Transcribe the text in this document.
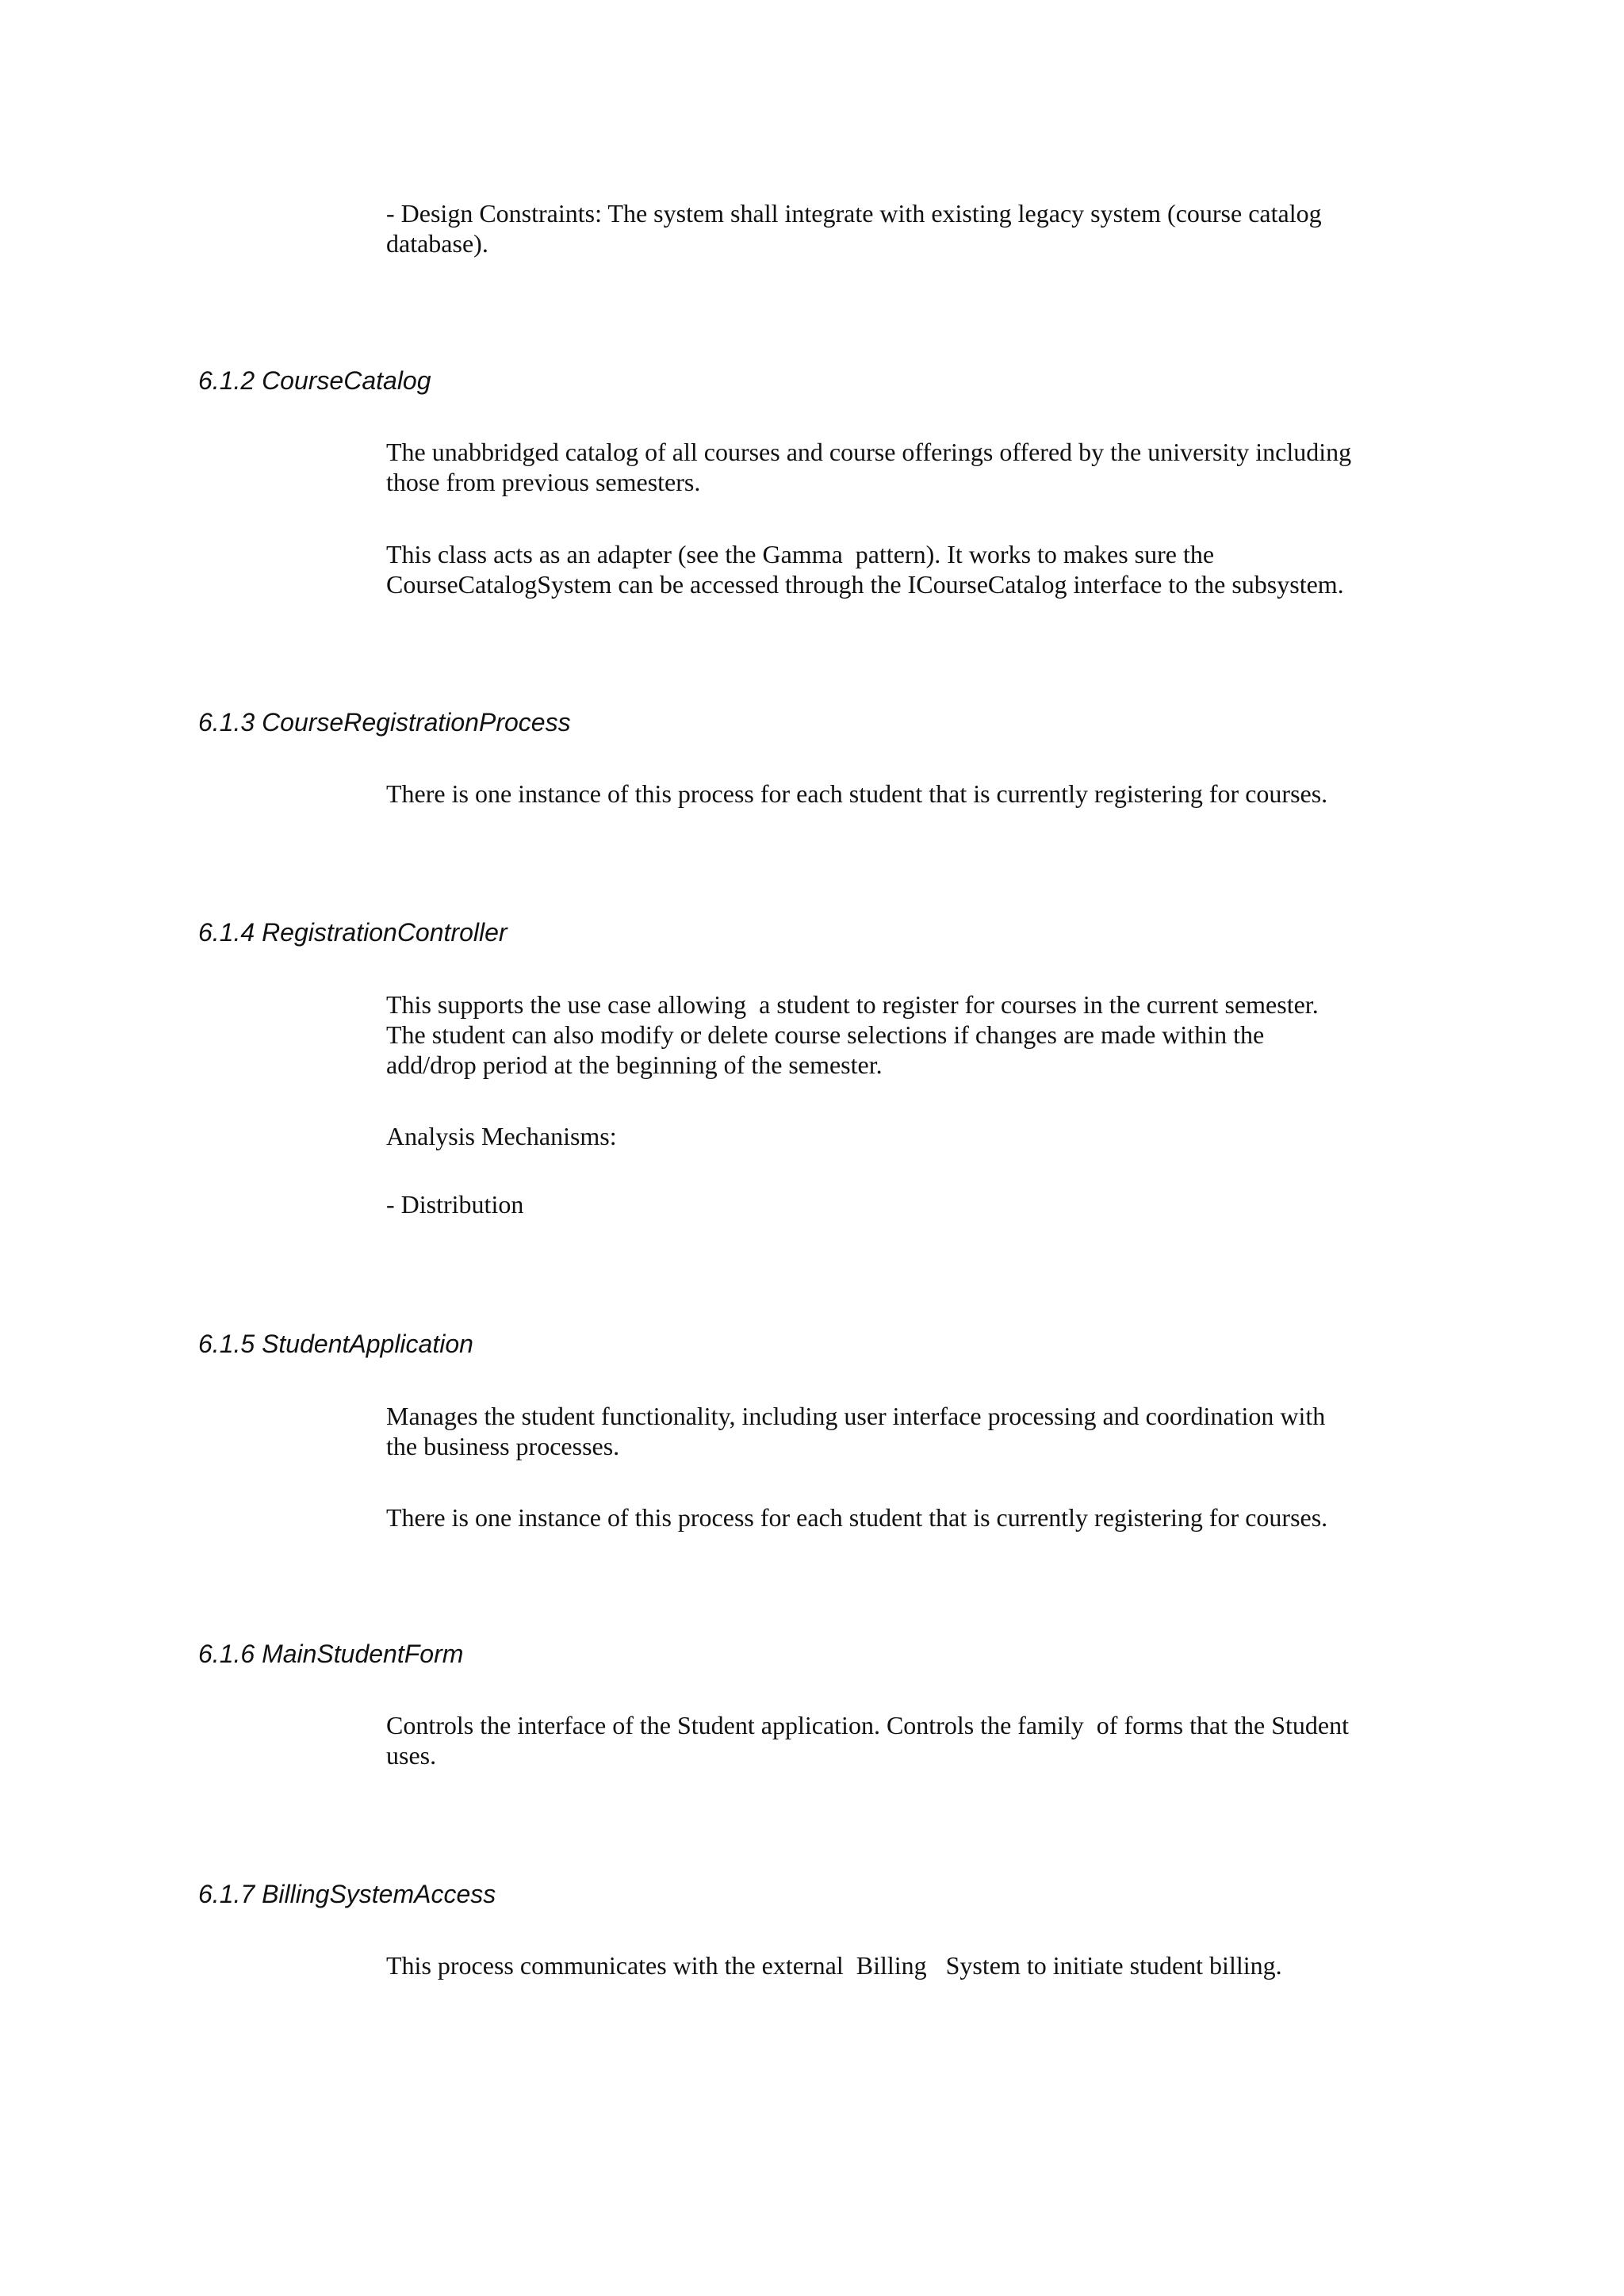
- Design Constraints: The system shall integrate with existing legacy system (course catalog
database).

6.1.2 CourseCatalog

The unabbridged catalog of all courses and course offerings offered by the university including
those from previous semesters.

This class acts as an adapter (see the Gamma  pattern). It works to makes sure the
CourseCatalogSystem can be accessed through the ICourseCatalog interface to the subsystem.

6.1.3 CourseRegistrationProcess

There is one instance of this process for each student that is currently registering for courses.

6.1.4 RegistrationController

This supports the use case allowing  a student to register for courses in the current semester.
The student can also modify or delete course selections if changes are made within the
add/drop period at the beginning of the semester.

Analysis Mechanisms:

- Distribution

6.1.5 StudentApplication

Manages the student functionality, including user interface processing and coordination with
the business processes.

There is one instance of this process for each student that is currently registering for courses.

6.1.6 MainStudentForm

Controls the interface of the Student application. Controls the family  of forms that the Student
uses.

6.1.7 BillingSystemAccess

This process communicates with the external  Billing   System to initiate student billing.
